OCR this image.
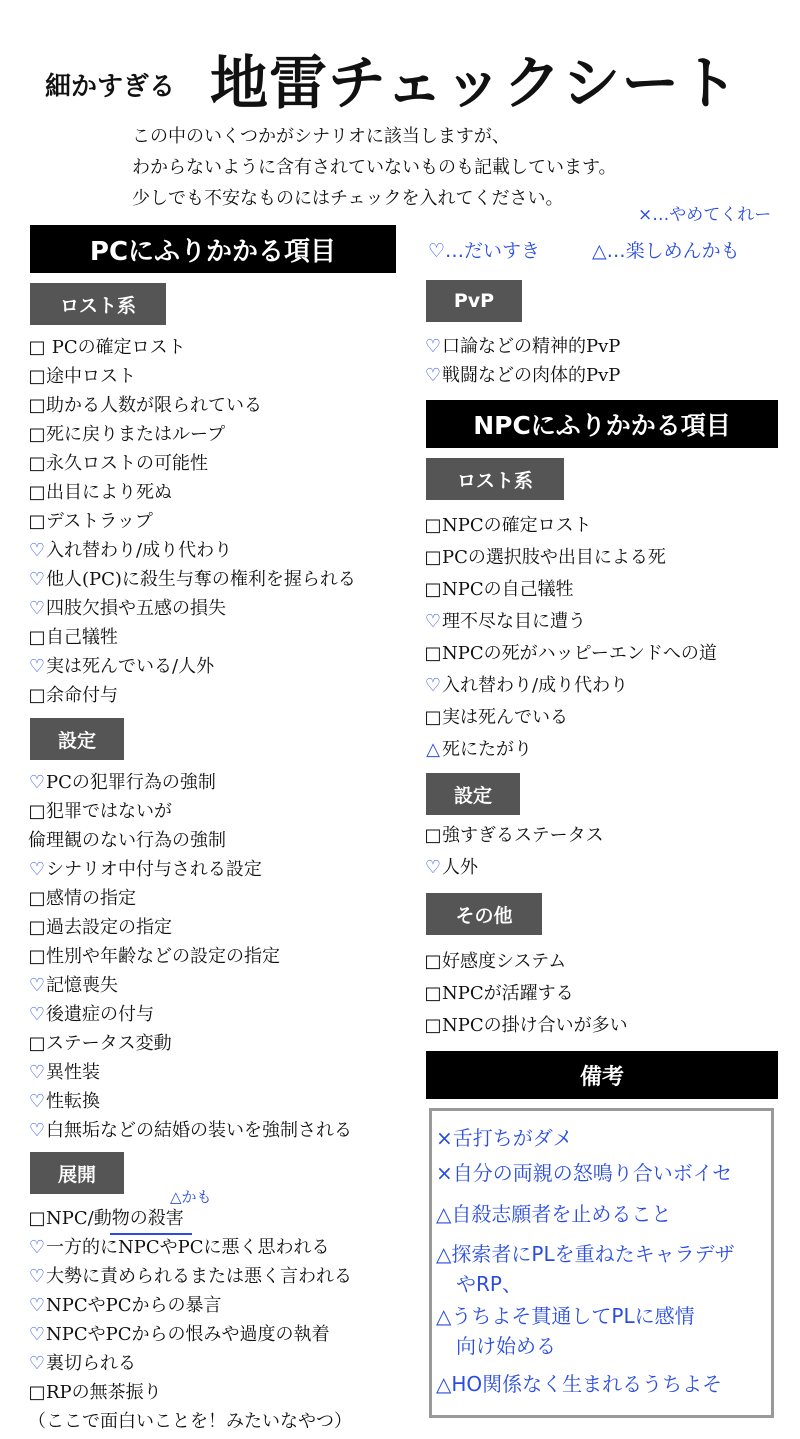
細かすぎる 地雷チェックシート
この中のいくつかがシナリオに該当しますが、
わからないように含有されていないものも記載しています。
少しでも不安なものにはチェックを入れてください。
×…やめてくれー
♡…だいすき	△…楽しめんかも
PCにふりかかる項目
ロスト系
□ PCの確定ロスト
□途中ロスト
□助かる人数が限られている
□死に戻りまたはループ
□永久ロストの可能性
□出目により死ぬ
□デストラップ
♡入れ替わり/成り代わり
♡他人(PC)に殺生与奪の権利を握られる
♡四肢欠損や五感の損失
□自己犠牲
♡実は死んでいる/人外
□余命付与
設定
♡PCの犯罪行為の強制
□犯罪ではないが
倫理観のない行為の強制
♡シナリオ中付与される設定
□感情の指定
□過去設定の指定
□性別や年齢などの設定の指定
♡記憶喪失
♡後遺症の付与
□ステータス変動
♡異性装
♡性転換
♡白無垢などの結婚の装いを強制される
展開
△かも
□NPC/動物の殺害
♡一方的にNPCやPCに悪く思われる
♡大勢に責められるまたは悪く言われる
♡NPCやPCからの暴言
♡NPCやPCからの恨みや過度の執着
♡裏切られる
□RPの無茶振り
（ここで面白いことを！みたいなやつ）
PvP
♡口論などの精神的PvP
♡戦闘などの肉体的PvP
NPCにふりかかる項目
ロスト系
□NPCの確定ロスト
□PCの選択肢や出目による死
□NPCの自己犠牲
♡理不尽な目に遭う
□NPCの死がハッピーエンドへの道
♡入れ替わり/成り代わり
□実は死んでいる
△ 死にたがり
設定
□強すぎるステータス
♡人外
その他
□好感度システム
□NPCが活躍する
□NPCの掛け合いが多い
備考
×舌打ちがダメ
×自分の両親の怒鳴り合いボイセ
△自殺志願者を止めること
△探索者にPLを重ねたキャラデザ
　やRP、
△うちよそ貫通してPLに感情
　向け始める
△HO関係なく生まれるうちよそ
